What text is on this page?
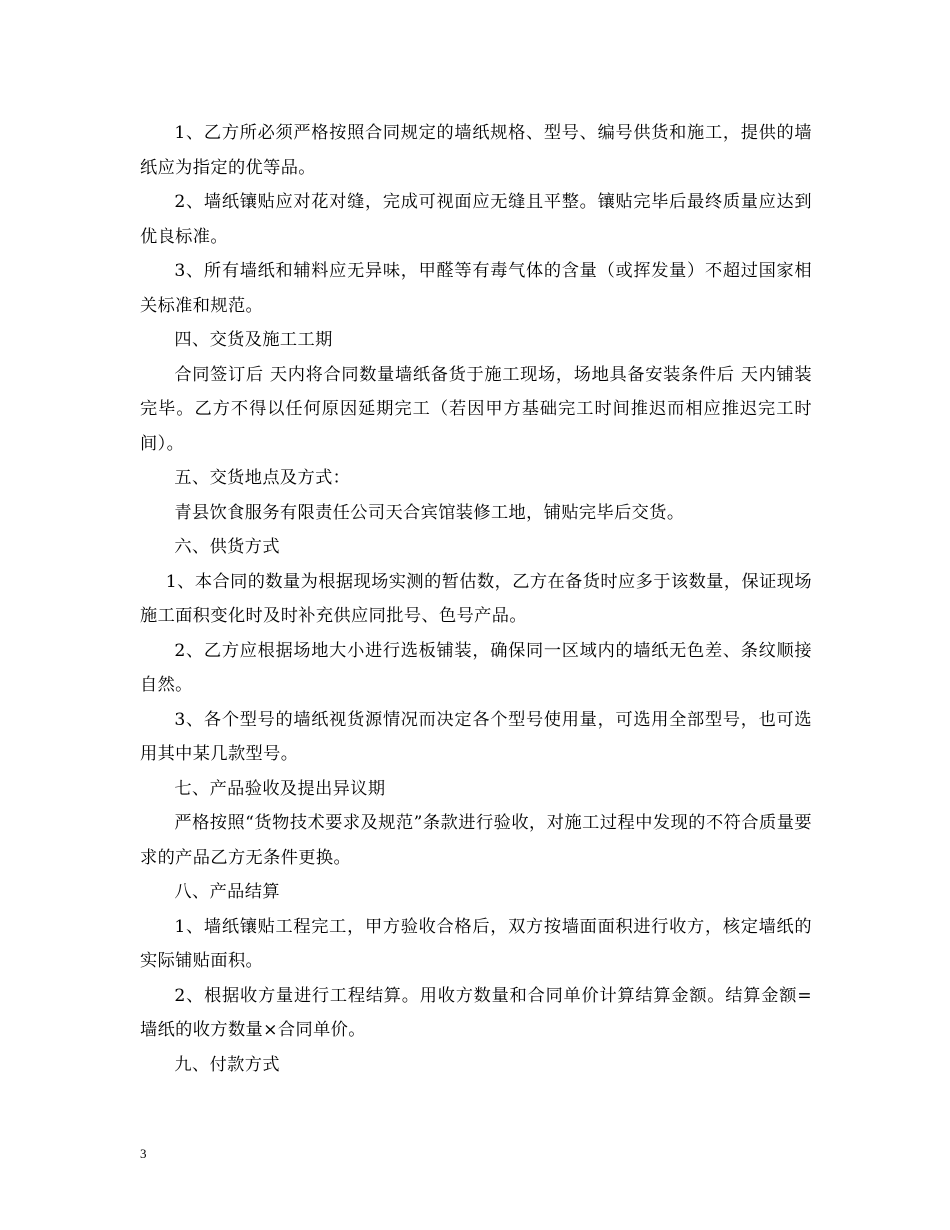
1、乙方所必须严格按照合同规定的墙纸规格、型号、编号供货和施工，提供的墙纸应为指定的优等品。

2、墙纸镶贴应对花对缝，完成可视面应无缝且平整。镶贴完毕后最终质量应达到优良标准。

3、所有墙纸和辅料应无异味，甲醛等有毒气体的含量（或挥发量）不超过国家相关标准和规范。

四、交货及施工工期

合同签订后 天内将合同数量墙纸备货于施工现场，场地具备安装条件后 天内铺装完毕。乙方不得以任何原因延期完工（若因甲方基础完工时间推迟而相应推迟完工时间）。

五、交货地点及方式：

青县饮食服务有限责任公司天合宾馆装修工地，铺贴完毕后交货。

六、供货方式

1、本合同的数量为根据现场实测的暂估数，乙方在备货时应多于该数量，保证现场施工面积变化时及时补充供应同批号、色号产品。

2、乙方应根据场地大小进行选板铺装，确保同一区域内的墙纸无色差、条纹顺接自然。

3、各个型号的墙纸视货源情况而决定各个型号使用量，可选用全部型号，也可选用其中某几款型号。

七、产品验收及提出异议期

严格按照“货物技术要求及规范”条款进行验收，对施工过程中发现的不符合质量要求的产品乙方无条件更换。

八、产品结算

1、墙纸镶贴工程完工，甲方验收合格后，双方按墙面面积进行收方，核定墙纸的实际铺贴面积。

2、根据收方量进行工程结算。用收方数量和合同单价计算结算金额。结算金额=墙纸的收方数量×合同单价。

九、付款方式

3
